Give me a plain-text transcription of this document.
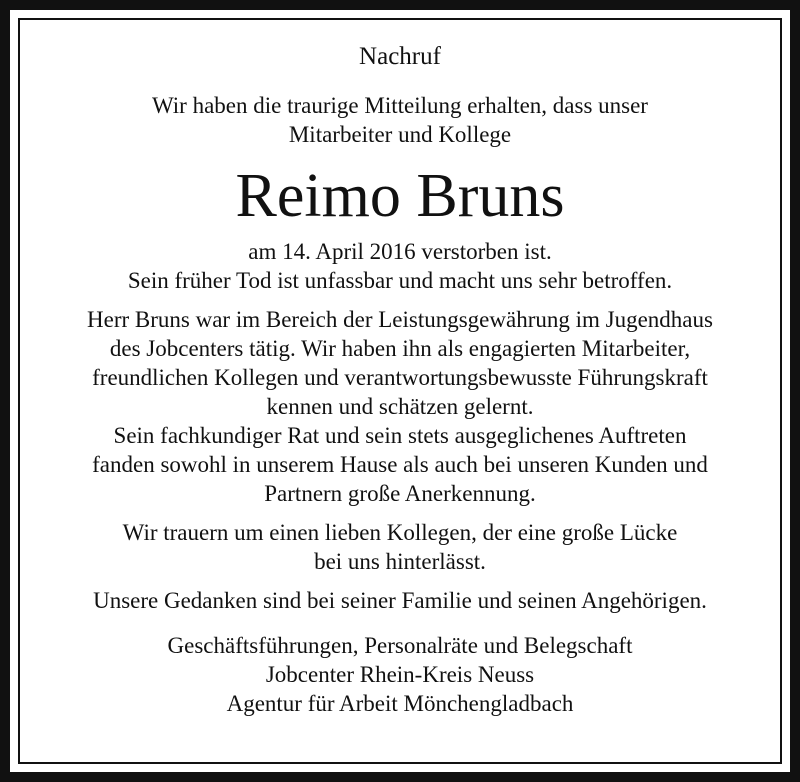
Nachruf
Wir haben die traurige Mitteilung erhalten, dass unser
Mitarbeiter und Kollege
Reimo Bruns
am 14. April 2016 verstorben ist.
Sein früher Tod ist unfassbar und macht uns sehr betroffen.
Herr Bruns war im Bereich der Leistungsgewährung im Jugendhaus
des Jobcenters tätig. Wir haben ihn als engagierten Mitarbeiter,
freundlichen Kollegen und verantwortungsbewusste Führungskraft
kennen und schätzen gelernt.
Sein fachkundiger Rat und sein stets ausgeglichenes Auftreten
fanden sowohl in unserem Hause als auch bei unseren Kunden und
Partnern große Anerkennung.
Wir trauern um einen lieben Kollegen, der eine große Lücke
bei uns hinterlässt.
Unsere Gedanken sind bei seiner Familie und seinen Angehörigen.
Geschäftsführungen, Personalräte und Belegschaft
Jobcenter Rhein-Kreis Neuss
Agentur für Arbeit Mönchengladbach
